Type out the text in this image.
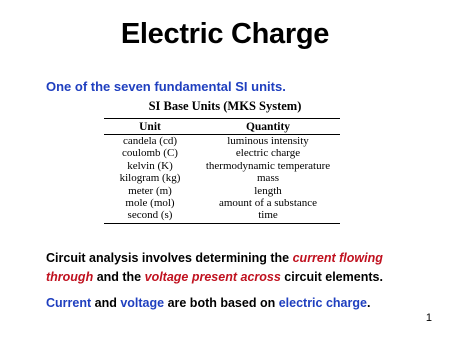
Electric Charge
One of the seven fundamental SI units.
SI Base Units (MKS System)
Unit	Quantity
candela (cd)	luminous intensity
coulomb (C)	electric charge
kelvin (K)	thermodynamic temperature
kilogram (kg)	mass
meter (m)	length
mole (mol)	amount of a substance
second (s)	time
Circuit analysis involves determining the current flowing through and the voltage present across circuit elements.
Current and voltage are both based on electric charge.
1
